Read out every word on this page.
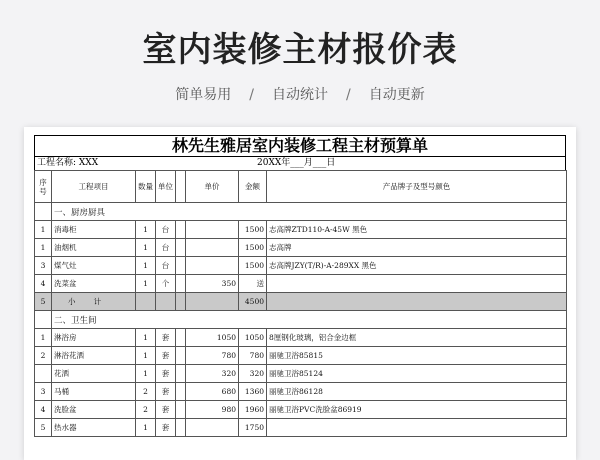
室内装修主材报价表
简单易用 / 自动统计 / 自动更新
林先生雅居室内装修工程主材预算单
工程名称: XXX	20XX年___月___日
序号	工程项目	数量	单位		单价	金额	产品牌子及型号颜色
	一、厨房厨具						
1	消毒柜	1	台			1500	志高牌ZTD110-A-45W 黑色
1	油烟机	1	台			1500	志高牌
3	煤气灶	1	台			1500	志高牌JZY(T/R)-A-289XX 黑色
4	洗菜盆	1	个		350	送	
5	小计					4500	
	二、卫生间						
1	淋浴房	1	套		1050	1050	8厘钢化玻璃，铝合金边框
2	淋浴花洒	1	套		780	780	丽驰卫浴85815
	花洒	1	套		320	320	丽驰卫浴85124
3	马桶	2	套		680	1360	丽驰卫浴86128
4	洗脸盆	2	套		980	1960	丽驰卫浴PVC洗脸盆86919
5	热水器	1	套			1750	
